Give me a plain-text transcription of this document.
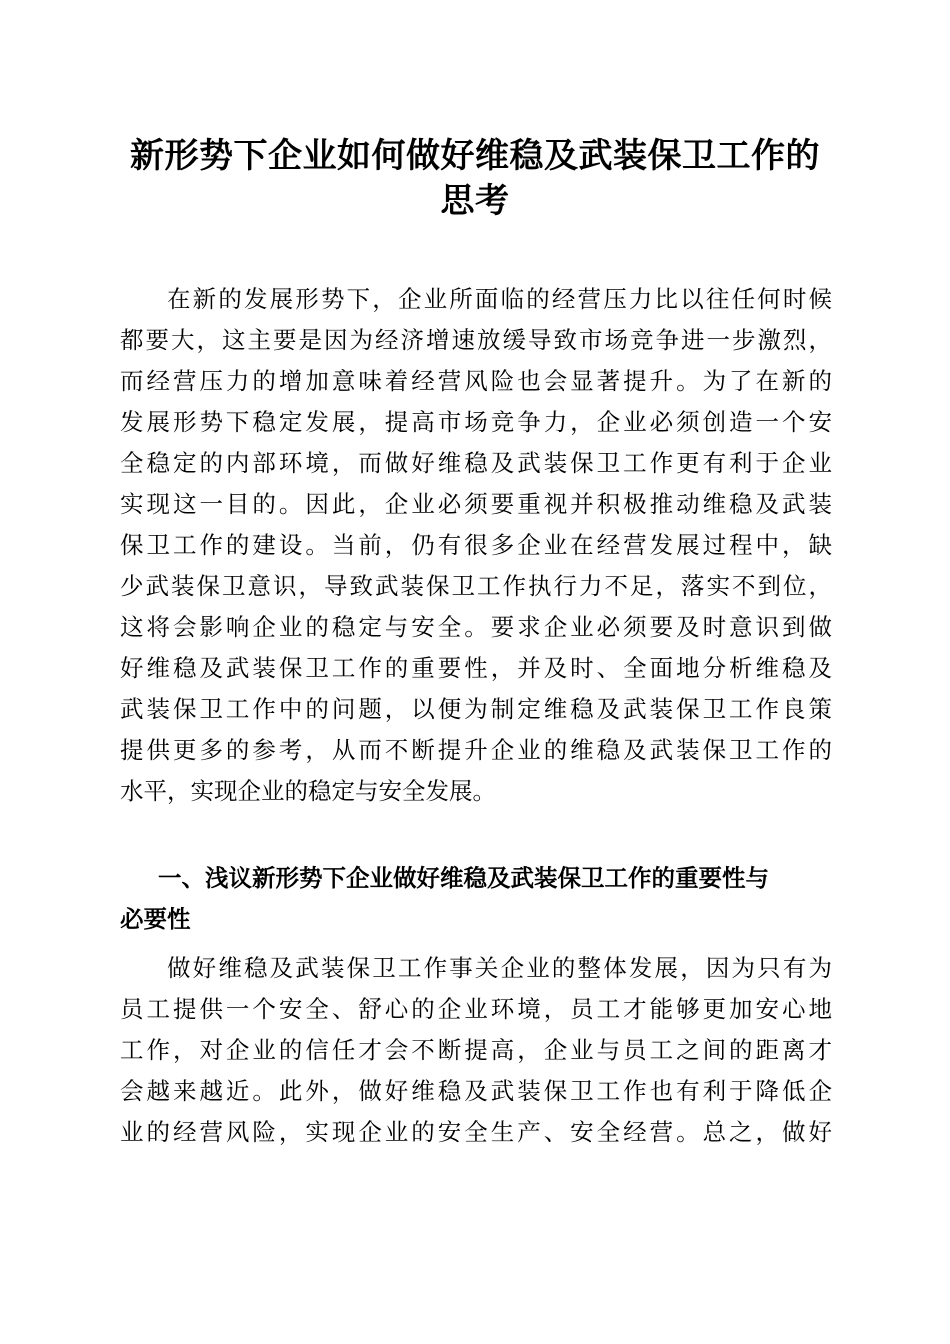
新形势下企业如何做好维稳及武装保卫工作的
思考
在新的发展形势下，企业所面临的经营压力比以往任何时候
都要大，这主要是因为经济增速放缓导致市场竞争进一步激烈，
而经营压力的增加意味着经营风险也会显著提升。为了在新的
发展形势下稳定发展，提高市场竞争力，企业必须创造一个安
全稳定的内部环境，而做好维稳及武装保卫工作更有利于企业
实现这一目的。因此，企业必须要重视并积极推动维稳及武装
保卫工作的建设。当前，仍有很多企业在经营发展过程中，缺
少武装保卫意识，导致武装保卫工作执行力不足，落实不到位，
这将会影响企业的稳定与安全。要求企业必须要及时意识到做
好维稳及武装保卫工作的重要性，并及时、全面地分析维稳及
武装保卫工作中的问题，以便为制定维稳及武装保卫工作良策
提供更多的参考，从而不断提升企业的维稳及武装保卫工作的
水平，实现企业的稳定与安全发展。
一、浅议新形势下企业做好维稳及武装保卫工作的重要性与
必要性
做好维稳及武装保卫工作事关企业的整体发展，因为只有为
员工提供一个安全、舒心的企业环境，员工才能够更加安心地
工作，对企业的信任才会不断提高，企业与员工之间的距离才
会越来越近。此外，做好维稳及武装保卫工作也有利于降低企
业的经营风险，实现企业的安全生产、安全经营。总之，做好
